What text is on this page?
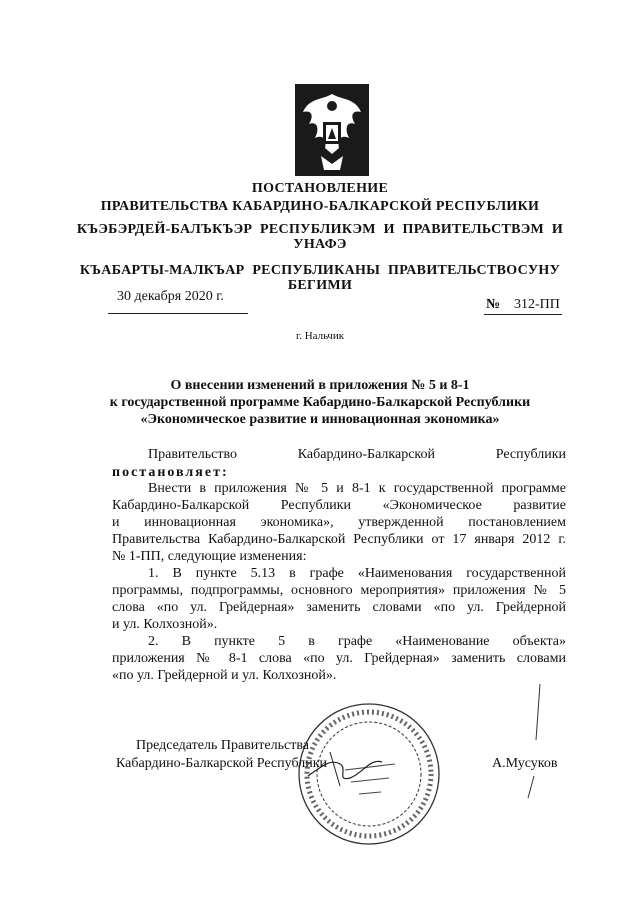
ПОСТАНОВЛЕНИЕ
ПРАВИТЕЛЬСТВА КАБАРДИНО-БАЛКАРСКОЙ РЕСПУБЛИКИ
КЪЭБЭРДЕЙ-БАЛЪКЪЭР РЕСПУБЛИКЭМ И ПРАВИТЕЛЬСТВЭМ И
УНАФЭ
КЪАБАРТЫ-МАЛКЪАР РЕСПУБЛИКАНЫ ПРАВИТЕЛЬСТВОСУНУ
БЕГИМИ
30 декабря 2020 г.
№ 312-ПП
г. Нальчик
О внесении изменений в приложения № 5 и 8-1
к государственной программе Кабардино-Балкарской Республики
«Экономическое развитие и инновационная экономика»
Правительство Кабардино-Балкарской Республики
постановляет:
Внести в приложения № 5 и 8-1 к государственной программе
Кабардино-Балкарской Республики «Экономическое развитие
и инновационная экономика», утвержденной постановлением
Правительства Кабардино-Балкарской Республики от 17 января 2012 г.
№ 1-ПП, следующие изменения:
1. В пункте 5.13 в графе «Наименования государственной
программы, подпрограммы, основного мероприятия» приложения № 5
слова «по ул. Грейдерная» заменить словами «по ул. Грейдерной
и ул. Колхозной».
2. В пункте 5 в графе «Наименование объекта»
приложения № 8-1 слова «по ул. Грейдерная» заменить словами
«по ул. Грейдерной и ул. Колхозной».
Председатель Правительства
Кабардино-Балкарской Республики	А.Мусуков
